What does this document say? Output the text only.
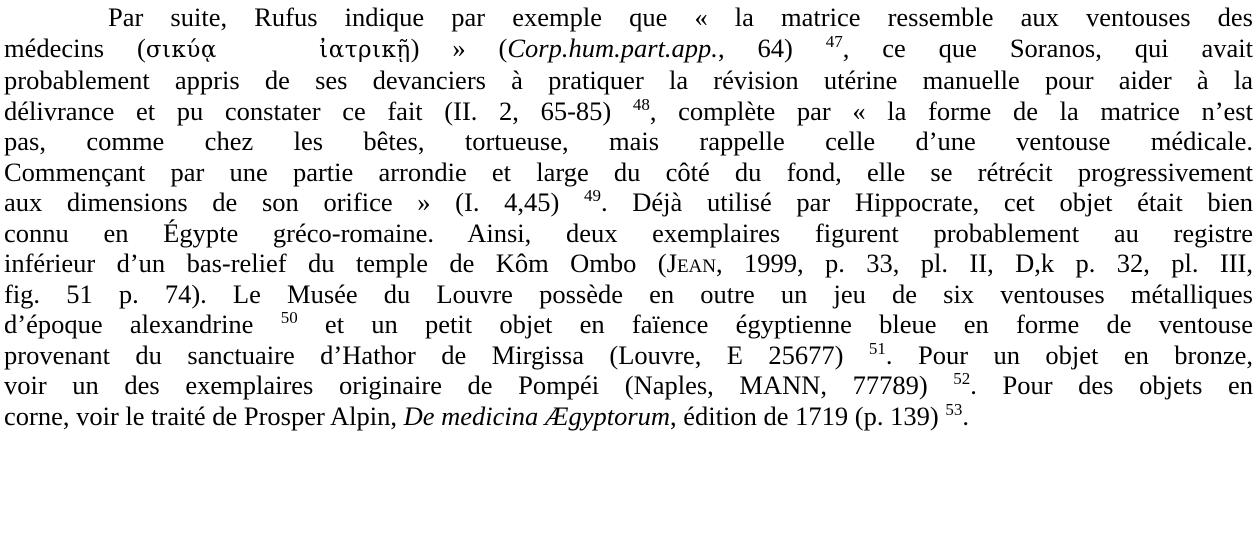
Par suite, Rufus indique par exemple que « la matrice ressemble aux ventouses des
médecins (σικύᾳ   ἰατρικῇ) » (Corp.hum.part.app., 64) $^{47}$, ce que Soranos, qui avait
probablement appris de ses devanciers à pratiquer la révision utérine manuelle pour aider à la
délivrance et pu constater ce fait (II. 2, 65-85) $^{48}$, complète par « la forme de la matrice n’est
pas, comme chez les bêtes, tortueuse, mais rappelle celle d’une ventouse médicale.
Commençant par une partie arrondie et large du côté du fond, elle se rétrécit progressivement
aux dimensions de son orifice » (I. 4,45) $^{49}$. Déjà utilisé par Hippocrate, cet objet était bien
connu en Égypte gréco-romaine. Ainsi, deux exemplaires figurent probablement au registre
inférieur d’un bas-relief du temple de Kôm Ombo (Jean, 1999, p. 33, pl. II, D,k p. 32, pl. III,
fig. 51 p. 74). Le Musée du Louvre possède en outre un jeu de six ventouses métalliques
d’époque alexandrine $^{50}$ et un petit objet en faïence égyptienne bleue en forme de ventouse
provenant du sanctuaire d’Hathor de Mirgissa (Louvre, E 25677) $^{51}$. Pour un objet en bronze,
voir un des exemplaires originaire de Pompéi (Naples, MANN, 77789) $^{52}$. Pour des objets en
corne, voir le traité de Prosper Alpin, De medicina Ægyptorum, édition de 1719 (p. 139) $^{53}$.
